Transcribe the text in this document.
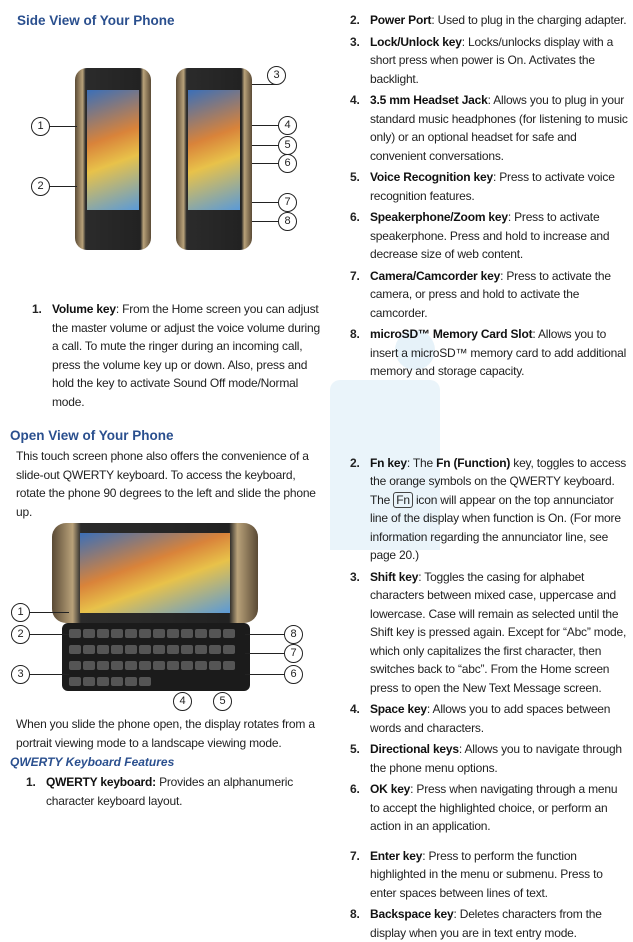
Side View of Your Phone
1
2
3
4
5
6
7
8
1. Volume key: From the Home screen you can adjust the master volume or adjust the voice volume during a call. To mute the ringer during an incoming call, press the volume key up or down. Also, press and hold the key to activate Sound Off mode/Normal mode.
Open View of Your Phone
This touch screen phone also offers the convenience of a slide-out QWERTY keyboard. To access the keyboard, rotate the phone 90 degrees to the left and slide the phone up.
1
2
3
4	5
6
7
8
When you slide the phone open, the display rotates from a portrait viewing mode to a landscape viewing mode.
QWERTY Keyboard Features
1. QWERTY keyboard: Provides an alphanumeric character keyboard layout.
2. Power Port: Used to plug in the charging adapter.
3. Lock/Unlock key: Locks/unlocks display with a short press when power is On. Activates the backlight.
4. 3.5 mm Headset Jack: Allows you to plug in your standard music headphones (for listening to music only) or an optional headset for safe and convenient conversations.
5. Voice Recognition key: Press to activate voice recognition features.
6. Speakerphone/Zoom key: Press to activate speakerphone. Press and hold to increase and decrease size of web content.
7. Camera/Camcorder key: Press to activate the camera, or press and hold to activate the camcorder.
8. microSD™ Memory Card Slot: Allows you to insert a microSD™ memory card to add additional memory and storage capacity.
2. Fn key: The Fn (Function) key, toggles to access the orange symbols on the QWERTY keyboard. The Fn icon will appear on the top annunciator line of the display when function is On. (For more information regarding the annunciator line, see page 20.)
3. Shift key: Toggles the casing for alphabet characters between mixed case, uppercase and lowercase. Case will remain as selected until the Shift key is pressed again. Except for “Abc” mode, which only capitalizes the first character, then switches back to “abc”. From the Home screen press to open the New Text Message screen.
4. Space key: Allows you to add spaces between words and characters.
5. Directional keys: Allows you to navigate through the phone menu options.
6. OK key: Press when navigating through a menu to accept the highlighted choice, or perform an action in an application.
7. Enter key: Press to perform the function highlighted in the menu or submenu. Press to enter spaces between lines of text.
8. Backspace key: Deletes characters from the display when you are in text entry mode.
